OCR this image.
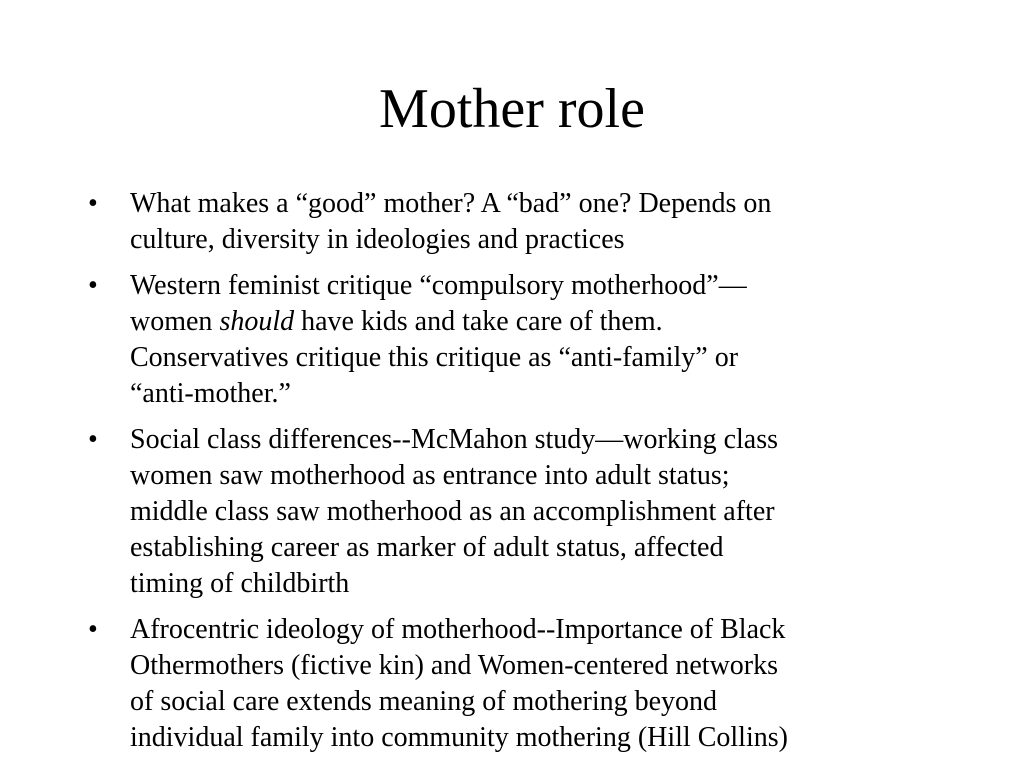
Mother role
• What makes a “good” mother? A “bad” one? Depends on
culture, diversity in ideologies and practices
• Western feminist critique “compulsory motherhood”—
women should have kids and take care of them.
Conservatives critique this critique as “anti-family” or
“anti-mother.”
• Social class differences--McMahon study—working class
women saw motherhood as entrance into adult status;
middle class saw motherhood as an accomplishment after
establishing career as marker of adult status, affected
timing of childbirth
• Afrocentric ideology of motherhood--Importance of Black
Othermothers (fictive kin) and Women-centered networks
of social care extends meaning of mothering beyond
individual family into community mothering (Hill Collins)
